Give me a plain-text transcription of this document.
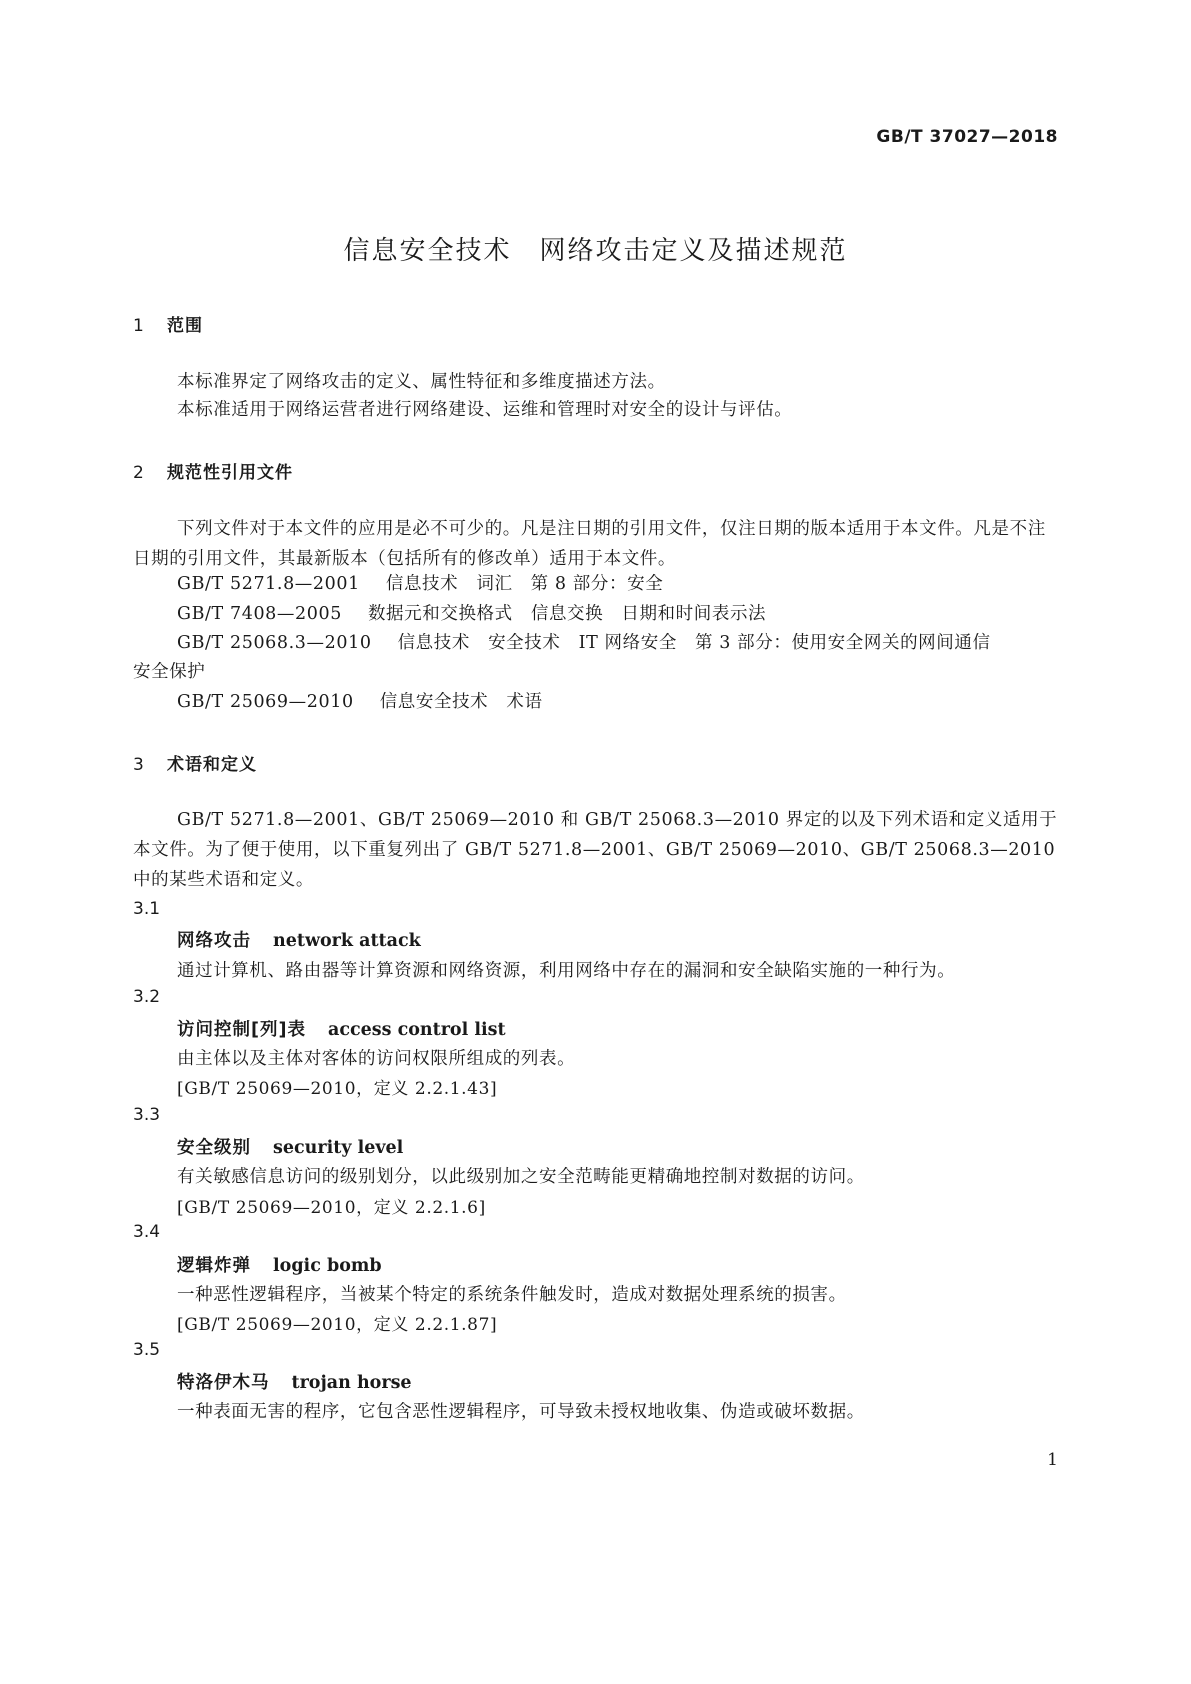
GB/T 37027—2018
信息安全技术　网络攻击定义及描述规范
1 范围
本标准界定了网络攻击的定义、属性特征和多维度描述方法。
本标准适用于网络运营者进行网络建设、运维和管理时对安全的设计与评估。
2 规范性引用文件
下列文件对于本文件的应用是必不可少的。凡是注日期的引用文件，仅注日期的版本适用于本文件。凡是不注日期的引用文件，其最新版本（包括所有的修改单）适用于本文件。
GB/T 5271.8—2001 信息技术　词汇　第 8 部分：安全
GB/T 7408—2005 数据元和交换格式　信息交换　日期和时间表示法
GB/T 25068.3—2010 信息技术　安全技术　IT 网络安全　第 3 部分：使用安全网关的网间通信
安全保护
GB/T 25069—2010 信息安全技术　术语
3 术语和定义
GB/T 5271.8—2001、GB/T 25069—2010 和 GB/T 25068.3—2010 界定的以及下列术语和定义适用于本文件。为了便于使用，以下重复列出了 GB/T 5271.8—2001、GB/T 25069—2010、GB/T 25068.3—2010 中的某些术语和定义。
3.1
网络攻击 network attack
通过计算机、路由器等计算资源和网络资源，利用网络中存在的漏洞和安全缺陷实施的一种行为。
3.2
访问控制[列]表 access control list
由主体以及主体对客体的访问权限所组成的列表。
[GB/T 25069—2010，定义 2.2.1.43]
3.3
安全级别 security level
有关敏感信息访问的级别划分，以此级别加之安全范畴能更精确地控制对数据的访问。
[GB/T 25069—2010，定义 2.2.1.6]
3.4
逻辑炸弹 logic bomb
一种恶性逻辑程序，当被某个特定的系统条件触发时，造成对数据处理系统的损害。
[GB/T 25069—2010，定义 2.2.1.87]
3.5
特洛伊木马 trojan horse
一种表面无害的程序，它包含恶性逻辑程序，可导致未授权地收集、伪造或破坏数据。
1
